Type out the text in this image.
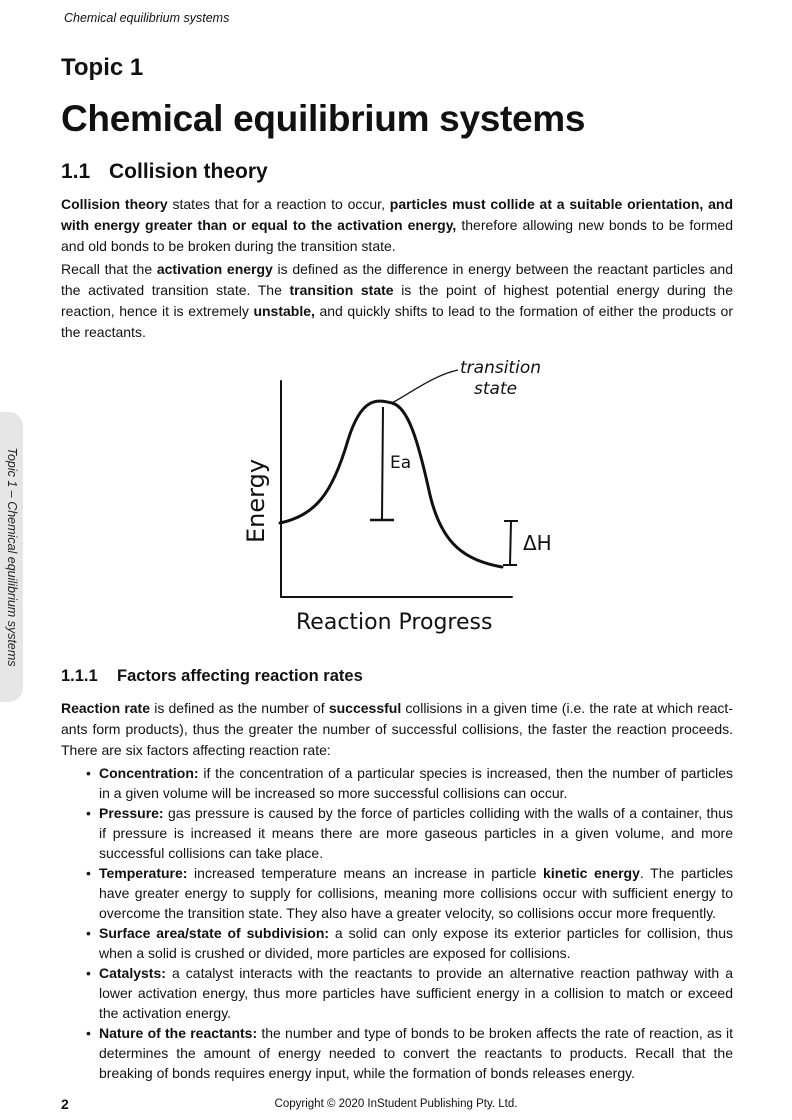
Chemical equilibrium systems
Topic 1 – Chemical equilibrium systems
Topic 1
Chemical equilibrium systems
1.1 Collision theory

Collision theory states that for a reaction to occur, particles must collide at a suitable orientation, and with energy greater than or equal to the activation energy, therefore allowing new bonds to be formed and old bonds to be broken during the transition state.

Recall that the activation energy is defined as the difference in energy between the reactant particles and the activated transition state. The transition state is the point of highest potential energy during the reaction, hence it is extremely unstable, and quickly shifts to lead to the formation of either the products or the reactants.

transition
state
Ea
ΔH
Energy
Reaction Progress
1.1.1 Factors affecting reaction rates

Reaction rate is defined as the number of successful collisions in a given time (i.e. the rate at which react-ants form products), thus the greater the number of successful collisions, the faster the reaction proceeds. There are six factors affecting reaction rate:

• Concentration: if the concentration of a particular species is increased, then the number of particles in a given volume will be increased so more successful collisions can occur.
• Pressure: gas pressure is caused by the force of particles colliding with the walls of a container, thus if pressure is increased it means there are more gaseous particles in a given volume, and more successful collisions can take place.
• Temperature: increased temperature means an increase in particle kinetic energy. The particles have greater energy to supply for collisions, meaning more collisions occur with sufficient energy to overcome the transition state. They also have a greater velocity, so collisions occur more frequently.
• Surface area/state of subdivision: a solid can only expose its exterior particles for collision, thus when a solid is crushed or divided, more particles are exposed for collisions.
• Catalysts: a catalyst interacts with the reactants to provide an alternative reaction pathway with a lower activation energy, thus more particles have sufficient energy in a collision to match or exceed the activation energy.
• Nature of the reactants: the number and type of bonds to be broken affects the rate of reaction, as it determines the amount of energy needed to convert the reactants to products. Recall that the breaking of bonds requires energy input, while the formation of bonds releases energy.
2	Copyright © 2020 InStudent Publishing Pty. Ltd.
